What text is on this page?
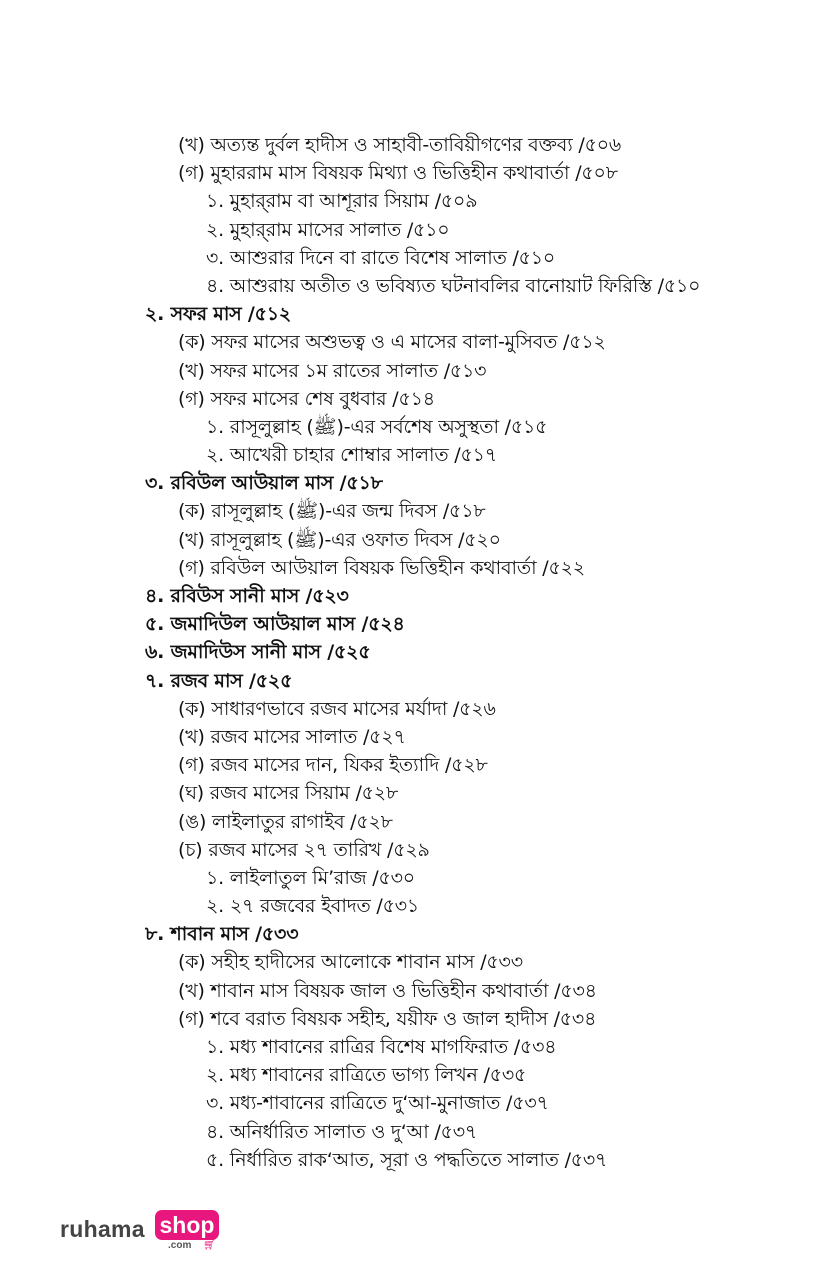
(খ) অত্যন্ত দুর্বল হাদীস ও সাহাবী-তাবিয়ীগণের বক্তব্য /৫০৬
(গ) মুহাররাম মাস বিষয়ক মিথ্যা ও ভিত্তিহীন কথাবার্তা /৫০৮
১. মুহার্‌রাম বা আশূরার সিয়াম /৫০৯
২. মুহার্‌রাম মাসের সালাত /৫১০
৩. আশুরার দিনে বা রাতে বিশেষ সালাত /৫১০
৪. আশুরায় অতীত ও ভবিষ্যত ঘটনাবলির বানোয়াট ফিরিস্তি /৫১০
২. সফর মাস /৫১২
(ক) সফর মাসের অশুভত্ব ও এ মাসের বালা-মুসিবত /৫১২
(খ) সফর মাসের ১ম রাতের সালাত /৫১৩
(গ) সফর মাসের শেষ বুধবার /৫১৪
১. রাসূলুল্লাহ (ﷺ)-এর সর্বশেষ অসুস্থতা /৫১৫
২. আখেরী চাহার শোম্বার সালাত /৫১৭
৩. রবিউল আউয়াল মাস /৫১৮
(ক) রাসূলুল্লাহ (ﷺ)-এর জন্ম দিবস /৫১৮
(খ) রাসূলুল্লাহ (ﷺ)-এর ওফাত দিবস /৫২০
(গ) রবিউল আউয়াল বিষয়ক ভিত্তিহীন কথাবার্তা /৫২২
৪. রবিউস সানী মাস /৫২৩
৫. জমাদিউল আউয়াল মাস /৫২৪
৬. জমাদিউস সানী মাস /৫২৫
৭. রজব মাস /৫২৫
(ক) সাধারণভাবে রজব মাসের মর্যাদা /৫২৬
(খ) রজব মাসের সালাত /৫২৭
(গ) রজব মাসের দান, যিকর ইত্যাদি /৫২৮
(ঘ) রজব মাসের সিয়াম /৫২৮
(ঙ) লাইলাতুর রাগাইব /৫২৮
(চ) রজব মাসের ২৭ তারিখ /৫২৯
১. লাইলাতুল মি’রাজ /৫৩০
২. ২৭ রজবের ইবাদত /৫৩১
৮. শাবান মাস /৫৩৩
(ক) সহীহ হাদীসের আলোকে শাবান মাস /৫৩৩
(খ) শাবান মাস বিষয়ক জাল ও ভিত্তিহীন কথাবার্তা /৫৩৪
(গ) শবে বরাত বিষয়ক সহীহ, যয়ীফ ও জাল হাদীস /৫৩৪
১. মধ্য শাবানের রাত্রির বিশেষ মাগফিরাত /৫৩৪
২. মধ্য শাবানের রাত্রিতে ভাগ্য লিখন /৫৩৫
৩. মধ্য-শাবানের রাত্রিতে দু‘আ-মুনাজাত /৫৩৭
৪. অনির্ধারিত সালাত ও দু‘আ /৫৩৭
৫. নির্ধারিত রাক‘আত, সূরা ও পদ্ধতিতে সালাত /৫৩৭
ruhama shop
.com 🛒︎
